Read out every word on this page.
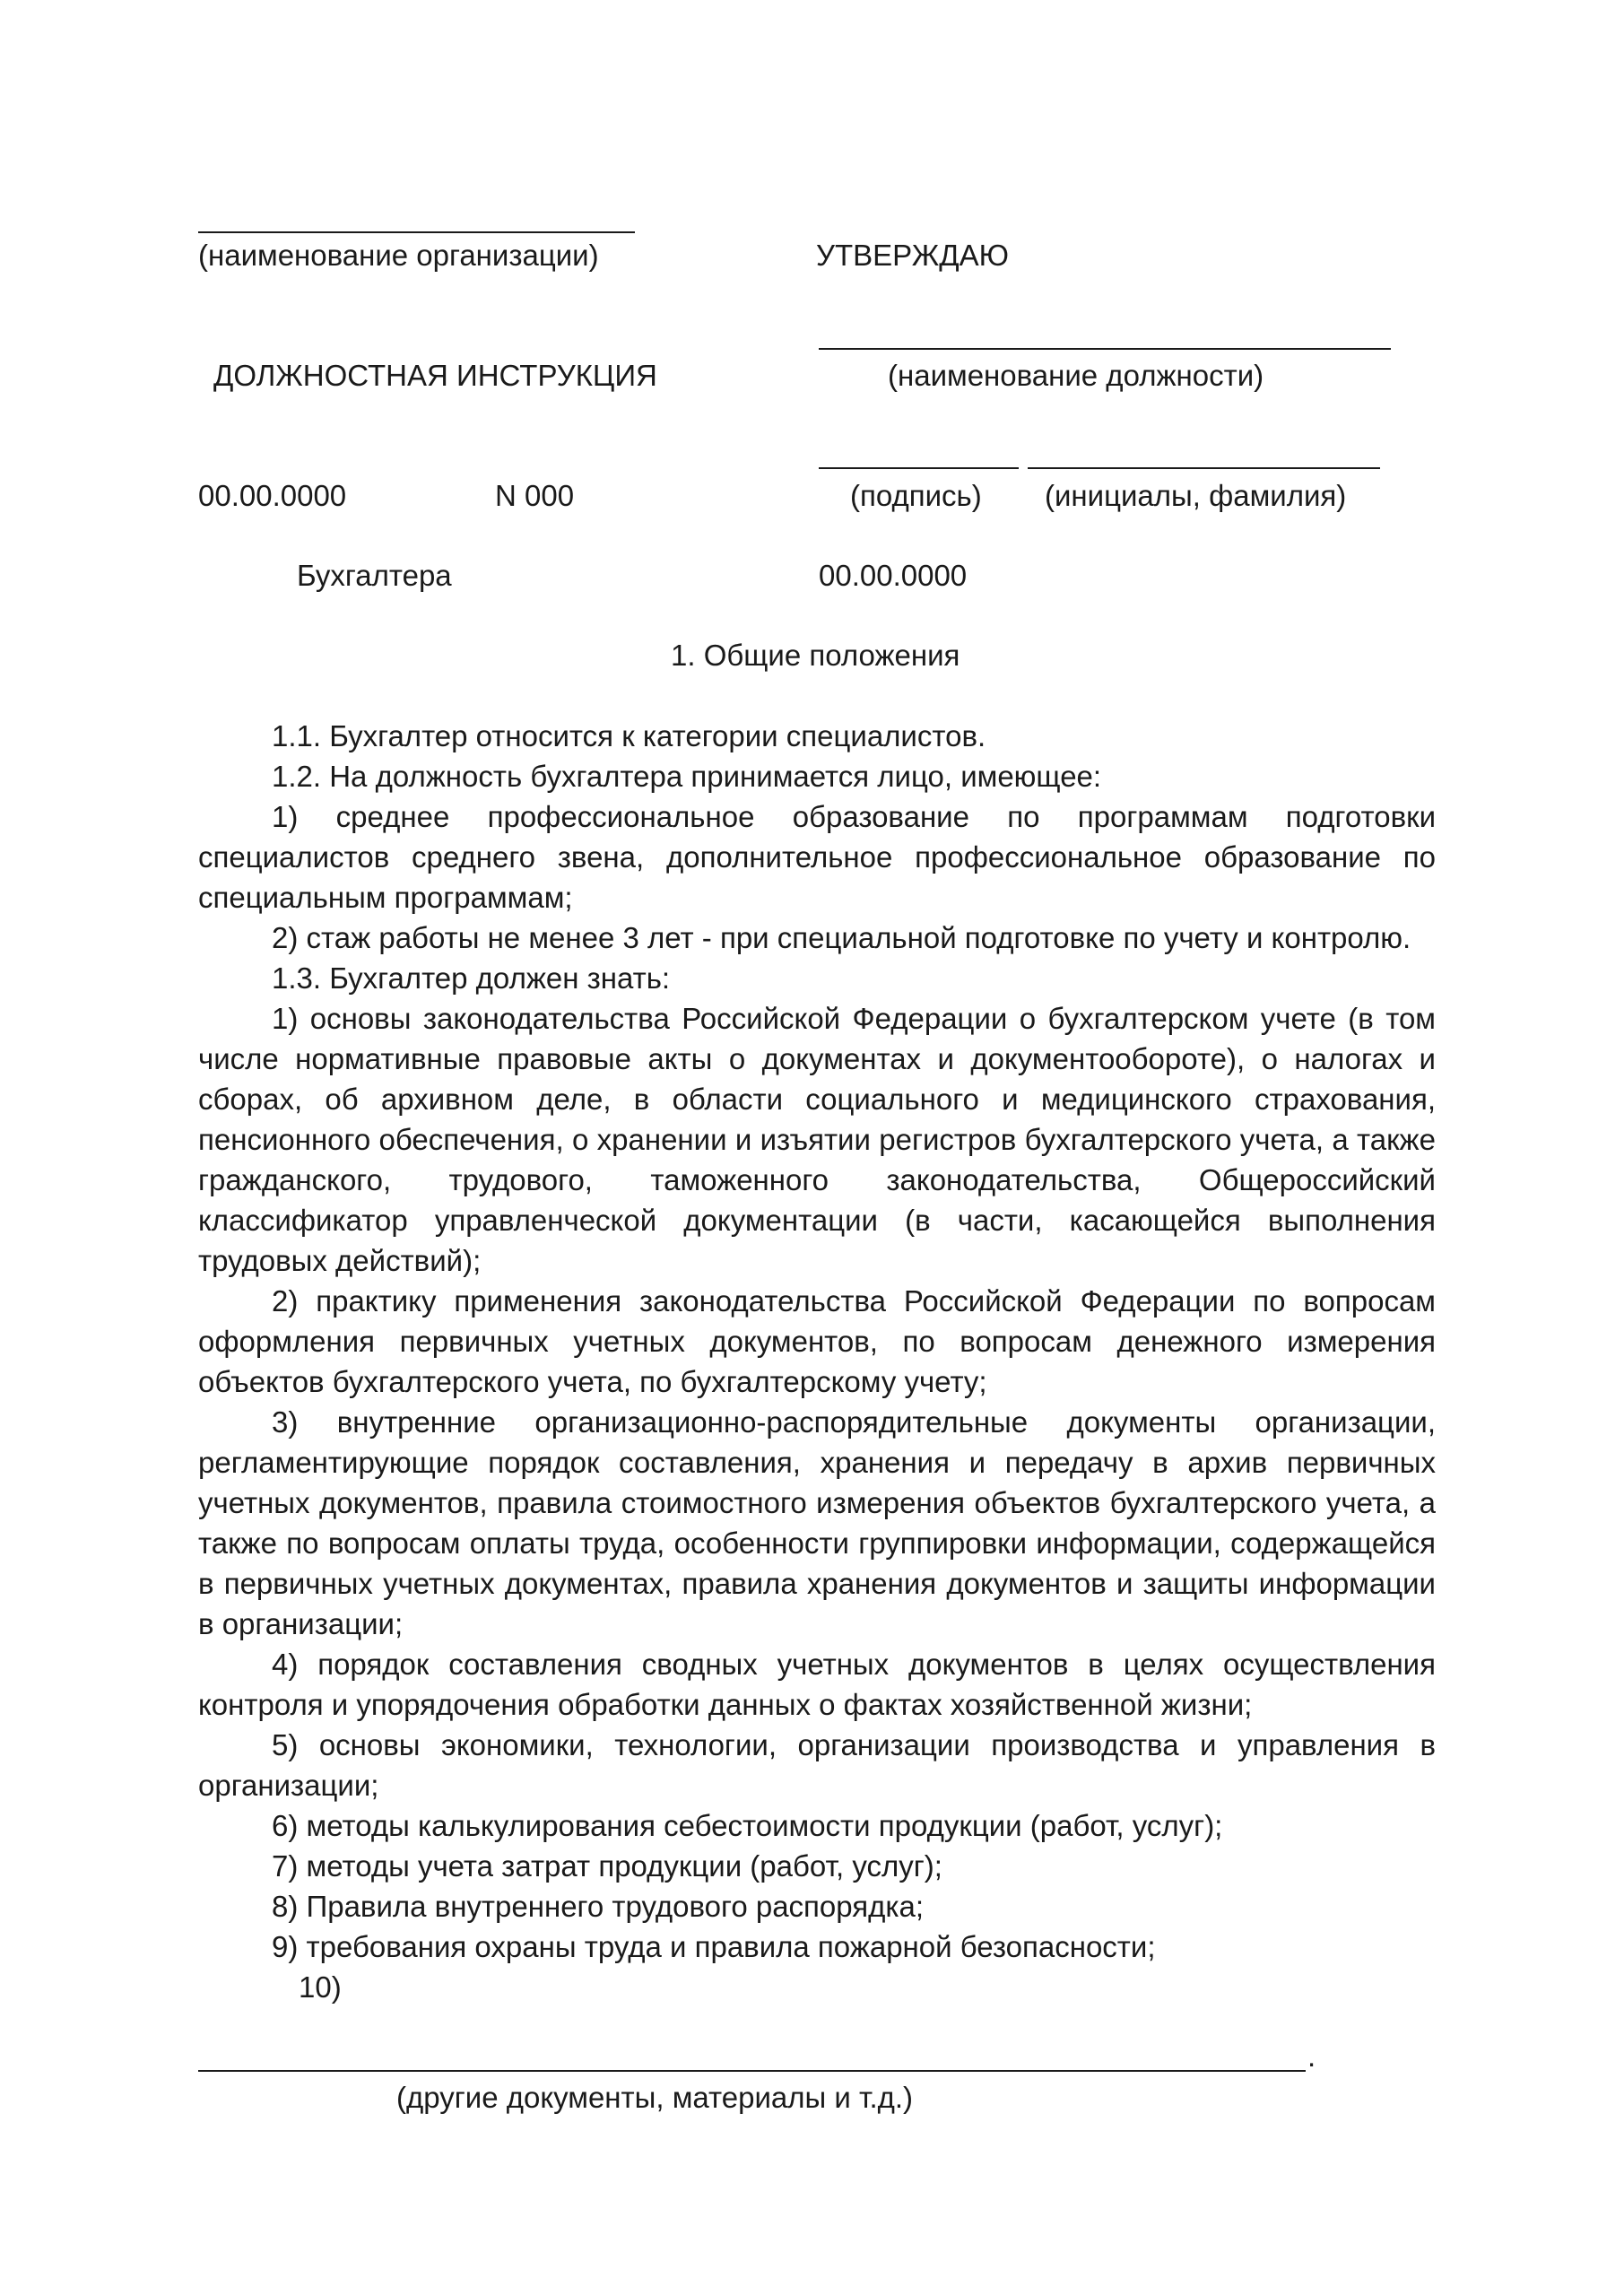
(наименование организации)	УТВЕРЖДАЮ
ДОЛЖНОСТНАЯ ИНСТРУКЦИЯ	(наименование должности)
00.00.0000	N 000	(подпись) (инициалы, фамилия)
Бухгалтера	00.00.0000
1. Общие положения

1.1. Бухгалтер относится к категории специалистов.

1.2. На должность бухгалтера принимается лицо, имеющее:

1) среднее профессиональное образование по программам подготовки специалистов среднего звена, дополнительное профессиональное образование по специальным программам;

2) стаж работы не менее 3 лет - при специальной подготовке по учету и контролю.

1.3. Бухгалтер должен знать:

1) основы законодательства Российской Федерации о бухгалтерском учете (в том числе нормативные правовые акты о документах и документообороте), о налогах и сборах, об архивном деле, в области социального и медицинского страхования, пенсионного обеспечения, о хранении и изъятии регистров бухгалтерского учета, а также гражданского, трудового, таможенного законодательства, Общероссийский классификатор управленческой документации (в части, касающейся выполнения трудовых действий);

2) практику применения законодательства Российской Федерации по вопросам оформления первичных учетных документов, по вопросам денежного измерения объектов бухгалтерского учета, по бухгалтерскому учету;

3) внутренние организационно-распорядительные документы организации, регламентирующие порядок составления, хранения и передачу в архив первичных учетных документов, правила стоимостного измерения объектов бухгалтерского учета, а также по вопросам оплаты труда, особенности группировки информации, содержащейся в первичных учетных документах, правила хранения документов и защиты информации в организации;

4) порядок составления сводных учетных документов в целях осуществления контроля и упорядочения обработки данных о фактах хозяйственной жизни;

5) основы экономики, технологии, организации производства и управления в организации;

6) методы калькулирования себестоимости продукции (работ, услуг);

7) методы учета затрат продукции (работ, услуг);

8) Правила внутреннего трудового распорядка;

9) требования охраны труда и правила пожарной безопасности;

10)

.
(другие документы, материалы и т.д.)
